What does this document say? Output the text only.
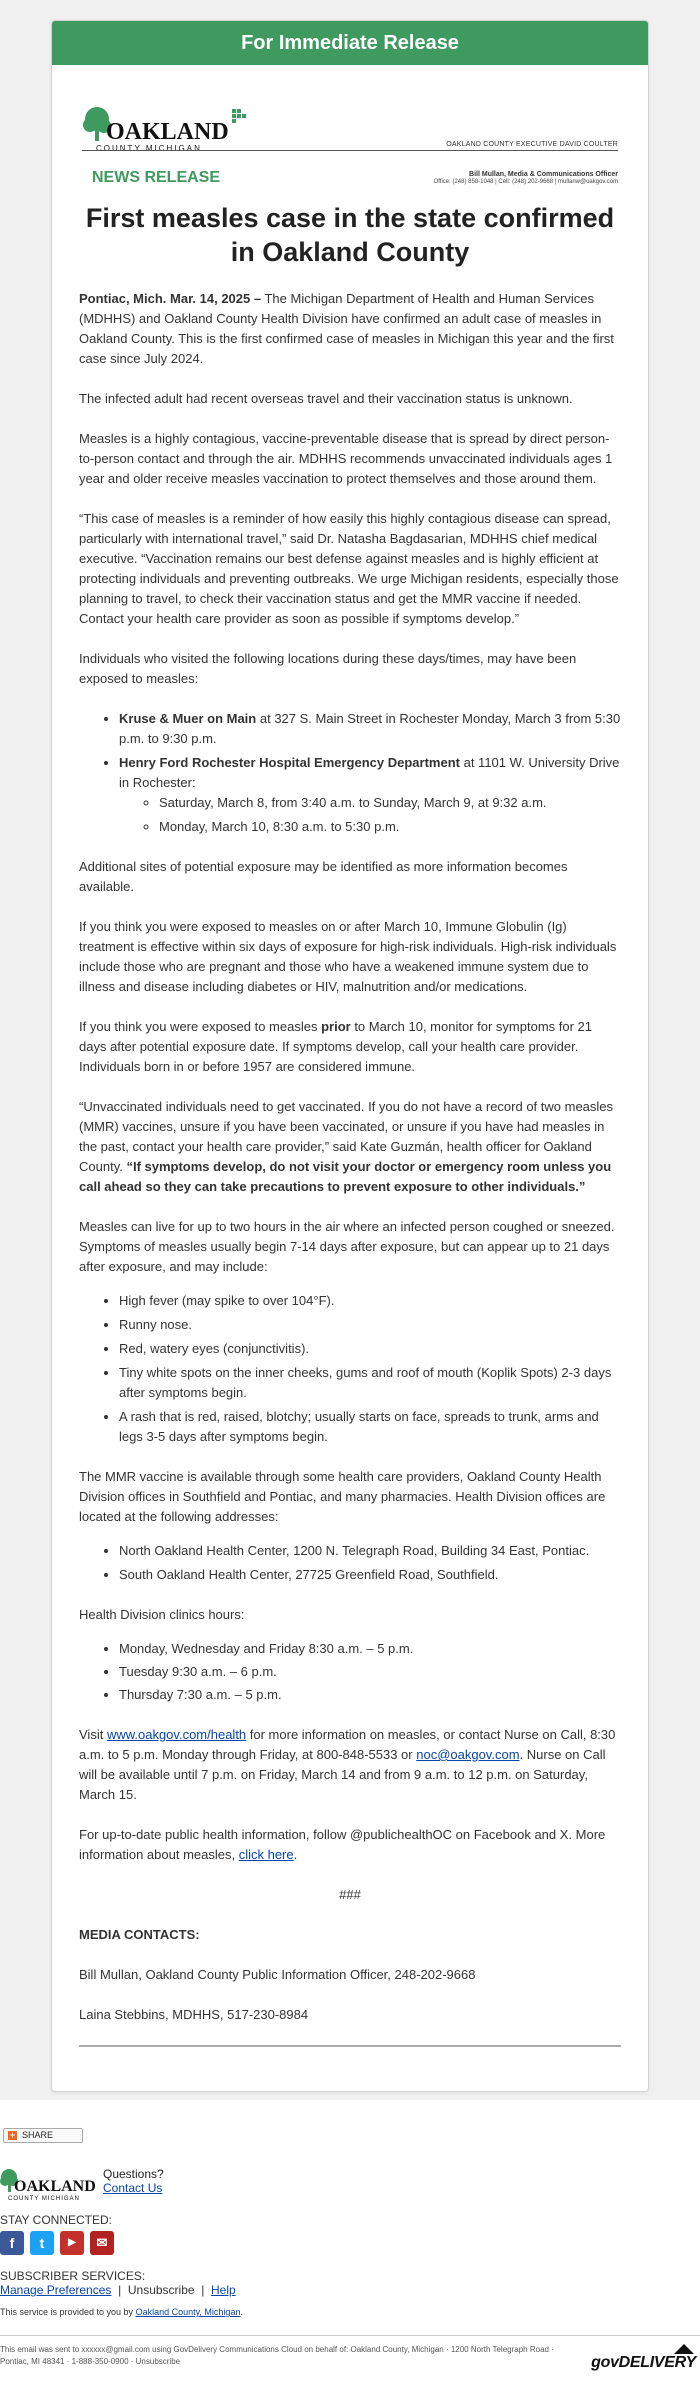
For Immediate Release
OAKLAND
COUNTY MICHIGAN	OAKLAND COUNTY EXECUTIVE DAVID COULTER
NEWS RELEASE	Bill Mullan, Media & Communications Officer
Office: (248) 858-1048 | Cell: (248) 202-9668 | mullanw@oakgov.com
First measles case in the state confirmed in Oakland County

Pontiac, Mich. Mar. 14, 2025 – The Michigan Department of Health and Human Services (MDHHS) and Oakland County Health Division have confirmed an adult case of measles in Oakland County. This is the first confirmed case of measles in Michigan this year and the first case since July 2024.

The infected adult had recent overseas travel and their vaccination status is unknown.

Measles is a highly contagious, vaccine-preventable disease that is spread by direct person-to-person contact and through the air. MDHHS recommends unvaccinated individuals ages 1 year and older receive measles vaccination to protect themselves and those around them.

“This case of measles is a reminder of how easily this highly contagious disease can spread, particularly with international travel,” said Dr. Natasha Bagdasarian, MDHHS chief medical executive. “Vaccination remains our best defense against measles and is highly efficient at protecting individuals and preventing outbreaks. We urge Michigan residents, especially those planning to travel, to check their vaccination status and get the MMR vaccine if needed. Contact your health care provider as soon as possible if symptoms develop.”

Individuals who visited the following locations during these days/times, may have been exposed to measles:

• Kruse & Muer on Main at 327 S. Main Street in Rochester Monday, March 3 from 5:30 p.m. to 9:30 p.m.
• Henry Ford Rochester Hospital Emergency Department at 1101 W. University Drive in Rochester:
◦ Saturday, March 8, from 3:40 a.m. to Sunday, March 9, at 9:32 a.m.
◦ Monday, March 10, 8:30 a.m. to 5:30 p.m.

Additional sites of potential exposure may be identified as more information becomes available.

If you think you were exposed to measles on or after March 10, Immune Globulin (Ig) treatment is effective within six days of exposure for high-risk individuals. High-risk individuals include those who are pregnant and those who have a weakened immune system due to illness and disease including diabetes or HIV, malnutrition and/or medications.

If you think you were exposed to measles prior to March 10, monitor for symptoms for 21 days after potential exposure date. If symptoms develop, call your health care provider. Individuals born in or before 1957 are considered immune.

“Unvaccinated individuals need to get vaccinated. If you do not have a record of two measles (MMR) vaccines, unsure if you have been vaccinated, or unsure if you have had measles in the past, contact your health care provider,” said Kate Guzmán, health officer for Oakland County. “If symptoms develop, do not visit your doctor or emergency room unless you call ahead so they can take precautions to prevent exposure to other individuals.”

Measles can live for up to two hours in the air where an infected person coughed or sneezed. Symptoms of measles usually begin 7-14 days after exposure, but can appear up to 21 days after exposure, and may include:

• High fever (may spike to over 104°F).
• Runny nose.
• Red, watery eyes (conjunctivitis).
• Tiny white spots on the inner cheeks, gums and roof of mouth (Koplik Spots) 2-3 days after symptoms begin.
• A rash that is red, raised, blotchy; usually starts on face, spreads to trunk, arms and legs 3-5 days after symptoms begin.

The MMR vaccine is available through some health care providers, Oakland County Health Division offices in Southfield and Pontiac, and many pharmacies. Health Division offices are located at the following addresses:

• North Oakland Health Center, 1200 N. Telegraph Road, Building 34 East, Pontiac.
• South Oakland Health Center, 27725 Greenfield Road, Southfield.

Health Division clinics hours:

• Monday, Wednesday and Friday 8:30 a.m. – 5 p.m.
• Tuesday 9:30 a.m. – 6 p.m.
• Thursday 7:30 a.m. – 5 p.m.

Visit www.oakgov.com/health for more information on measles, or contact Nurse on Call, 8:30 a.m. to 5 p.m. Monday through Friday, at 800-848-5533 or noc@oakgov.com. Nurse on Call will be available until 7 p.m. on Friday, March 14 and from 9 a.m. to 12 p.m. on Saturday, March 15.

For up-to-date public health information, follow @publichealthOC on Facebook and X. More information about measles, click here.

###

MEDIA CONTACTS:

Bill Mullan, Oakland County Public Information Officer, 248-202-9668

Laina Stebbins, MDHHS, 517-230-8984

+ SHARE
OAKLAND
COUNTY MICHIGAN
Questions?
Contact Us
STAY CONNECTED:
f	t	▶	✉
SUBSCRIBER SERVICES:
Manage Preferences  |  Unsubscribe  |  Help
This service is provided to you by Oakland County, Michigan.
This email was sent to xxxxxx@gmail.com using GovDelivery Communications Cloud on behalf of: Oakland County, Michigan · 1200 North Telegraph Road · Pontiac, MI 48341 · 1-888-350-0900 · Unsubscribe	govDELIVERY
